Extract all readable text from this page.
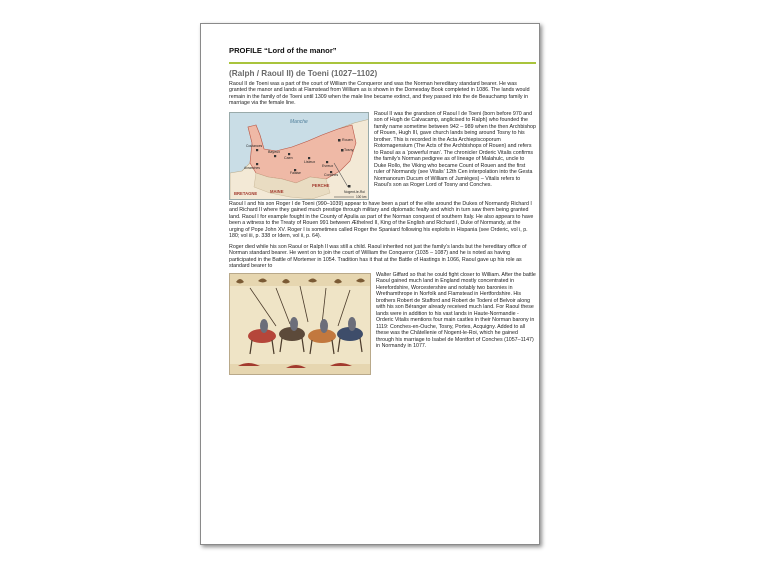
PROFILE “Lord of the manor”
(Ralph / Raoul II) de Toeni (1027–1102)

Raoul II de Toeni was a part of the court of William the Conqueror and was the Norman hereditary standard bearer. He was granted the manor and lands at Flamstead from William as is shown in the Domesday Book completed in 1086. The lands would remain in the family of de Toeni until 1309 when the male line became extinct, and they passed into the de Beauchamp family in marriage via the female line.

Manche
Rouen
Tosny
Caen
Bayeux
Lisieux
Evreux
Conches
Nogent-le-Roi
Coutances
Avranches
Falaise
BRETAGNE	MAINE
PERCHE
100 km

Raoul II was the grandson of Raoul I de Toeni (born before 970 and son of Hugh de Calvacamp, anglicised to Ralph) who founded the family name sometime between 942 – 989 when the then Archbishop of Rouen, Hugh III, gave church lands being around Tosny to his brother. This is recorded in the Acta Archiepiscoporum Rotomagensium (The Acts of the Archbishops of Rouen) and refers to Raoul as a ‘powerful man’. The chronicler Orderic Vitalis confirms the family’s Norman pedigree as of lineage of Malahulc, uncle to Duke Rollo, the Viking who became Count of Rouen and the first ruler of Normandy (see Vitalis’ 12th Cen interpolation into the Gesta Normanorum Ducum of William of Jumièges) – Vitalis refers to Raoul’s son as Roger Lord of Tosny and Conches.

Raoul I and his son Roger I de Toeni (990–1039) appear to have been a part of the elite around the Dukes of Normandy Richard I and Richard II where they gained much prestige through military and diplomatic fealty and which in turn saw them being granted land. Raoul I for example fought in the County of Apulia as part of the Norman conquest of southern Italy. He also appears to have been a witness to the Treaty of Rouen 991 between Æthelred II, King of the English and Richard I, Duke of Normandy, at the urging of Pope John XV. Roger I is sometimes called Roger the Spaniard following his exploits in Hispania (see Orderic, vol i, p. 180; vol iii, p. 338 or Idem, vol ii, p. 64).

Roger died while his son Raoul or Ralph II was still a child. Raoul inherited not just the family’s lands but the hereditary office of Norman standard bearer. He went on to join the court of William the Conqueror (1035 – 1087) and he is noted as having participated in the Battle of Mortemer in 1054. Tradition has it that at the Battle of Hastings in 1066, Raoul gave up his role as standard bearer to

Walter Giffard so that he could fight closer to William. After the battle Raoul gained much land in England mostly concentrated in Herefordshire, Worcestershire and notably two baronies in Wrethamthrope in Norfolk and Flamstead in Hertfordshire. His brothers Robert de Stafford and Robert de Todeni of Belvoir along with his son Béranger already received much land. For Raoul these lands were in addition to his vast lands in Haute-Normandie - Orderic Vitalis mentions four main castles in their Norman barony in 1119: Conches-en-Ouche, Tosny, Portes, Acquigny. Added to all these was the Châtellenie of Nogent-le-Roi, which he gained through his marriage to Isabel de Montfort of Conches (1057–1147) in Normandy in 1077.
